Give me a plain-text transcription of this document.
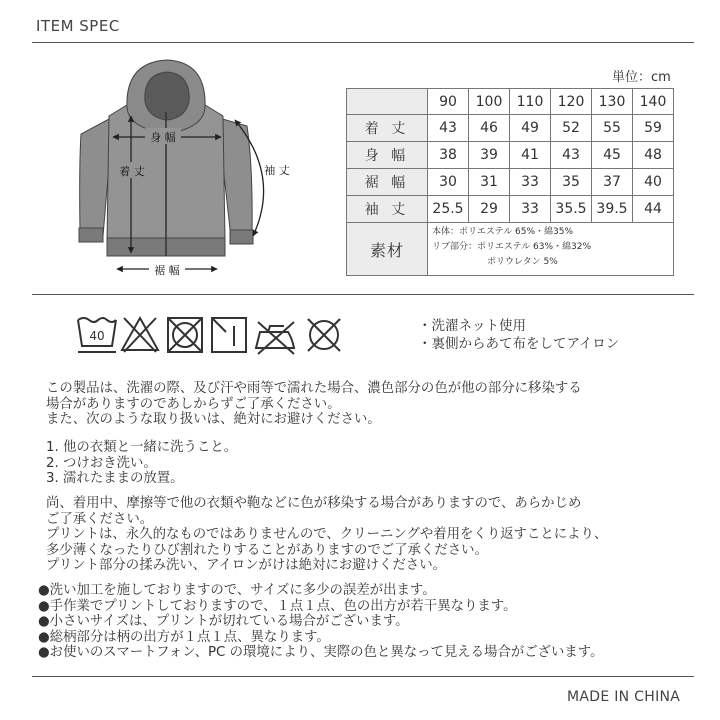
ITEM SPEC
身 幅
着 丈	袖 丈
裾 幅
単位：cm
	90	100	110	120	130	140
着 丈	43	46	49	52	55	59
身 幅	38	39	41	43	45	48
裾 幅	30	31	33	35	37	40
袖 丈	25.5	29	33	35.5	39.5	44
素材	本体：ポリエステル 65%・綿35%
リブ部分：ポリエステル 63%・綿32%
ポリウレタン 5%					
40
・洗濯ネット使用
・裏側からあて布をしてアイロン
この製品は、洗濯の際、及び汗や雨等で濡れた場合、濃色部分の色が他の部分に移染する
場合がありますのであしからずご了承ください。
また、次のような取り扱いは、絶対にお避けください。
1. 他の衣類と一緒に洗うこと。
2. つけおき洗い。
3. 濡れたままの放置。
尚、着用中、摩擦等で他の衣類や鞄などに色が移染する場合がありますので、あらかじめ
ご了承ください。
プリントは、永久的なものではありませんので、クリーニングや着用をくり返すことにより、
多少薄くなったりひび割れたりすることがありますのでご了承ください。
プリント部分の揉み洗い、アイロンがけは絶対にお避けください。
●洗い加工を施しておりますので、サイズに多少の誤差が出ます。
●手作業でプリントしておりますので、１点１点、色の出方が若干異なります。
●小さいサイズは、プリントが切れている場合がございます。
●総柄部分は柄の出方が１点１点、異なります。
●お使いのスマートフォン、PC の環境により、実際の色と異なって見える場合がございます。
MADE IN CHINA
